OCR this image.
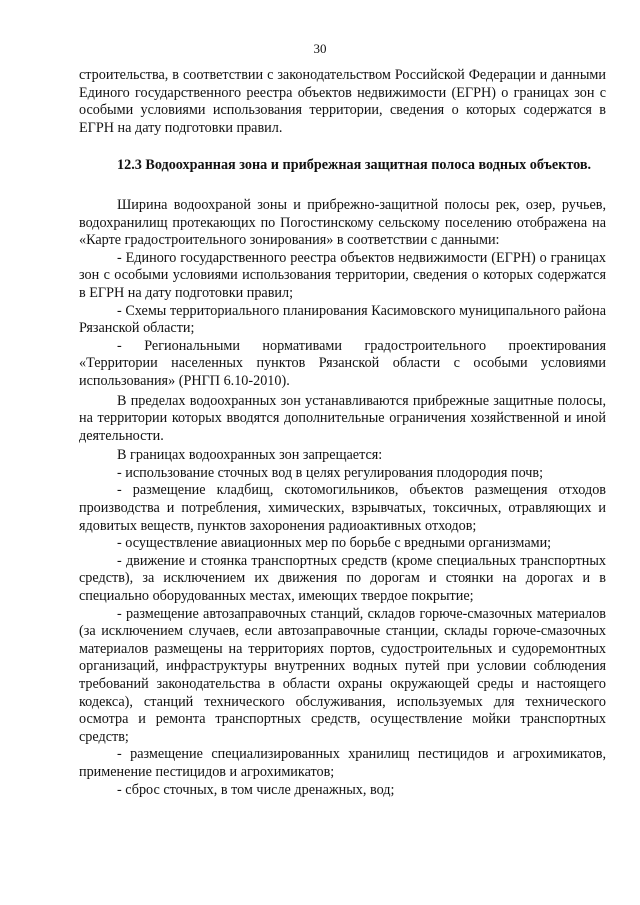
30

строительства, в соответствии с законодательством Российской Федерации и данными Единого государственного реестра объектов недвижимости (ЕГРН) о границах зон с особыми условиями использования территории, сведения о которых содержатся в ЕГРН на дату подготовки правил.

12.3 Водоохранная зона и прибрежная защитная полоса водных объектов.

Ширина водоохраной зоны и прибрежно-защитной полосы рек, озер, ручьев, водохранилищ протекающих по Погостинскому сельскому поселению отображена на «Карте градостроительного зонирования» в соответствии с данными:

- Единого государственного реестра объектов недвижимости (ЕГРН) о границах зон с особыми условиями использования территории, сведения о которых содержатся в ЕГРН на дату подготовки правил;

- Схемы территориального планирования Касимовского муниципального района Рязанской области;

- Региональными нормативами градостроительного проектирования «Территории населенных пунктов Рязанской области с особыми условиями использования» (РНГП 6.10-2010).

В пределах водоохранных зон устанавливаются прибрежные защитные полосы, на территории которых вводятся дополнительные ограничения хозяйственной и иной деятельности.

В границах водоохранных зон запрещается:

- использование сточных вод в целях регулирования плодородия почв;

- размещение кладбищ, скотомогильников, объектов размещения отходов производства и потребления, химических, взрывчатых, токсичных, отравляющих и ядовитых веществ, пунктов захоронения радиоактивных отходов;

- осуществление авиационных мер по борьбе с вредными организмами;

- движение и стоянка транспортных средств (кроме специальных транспортных средств), за исключением их движения по дорогам и стоянки на дорогах и в специально оборудованных местах, имеющих твердое покрытие;

- размещение автозаправочных станций, складов горюче-смазочных материалов (за исключением случаев, если автозаправочные станции, склады горюче-смазочных материалов размещены на территориях портов, судостроительных и судоремонтных организаций, инфраструктуры внутренних водных путей при условии соблюдения требований законодательства в области охраны окружающей среды и настоящего кодекса), станций технического обслуживания, используемых для технического осмотра и ремонта транспортных средств, осуществление мойки транспортных средств;

- размещение специализированных хранилищ пестицидов и агрохимикатов, применение пестицидов и агрохимикатов;

- сброс сточных, в том числе дренажных, вод;
